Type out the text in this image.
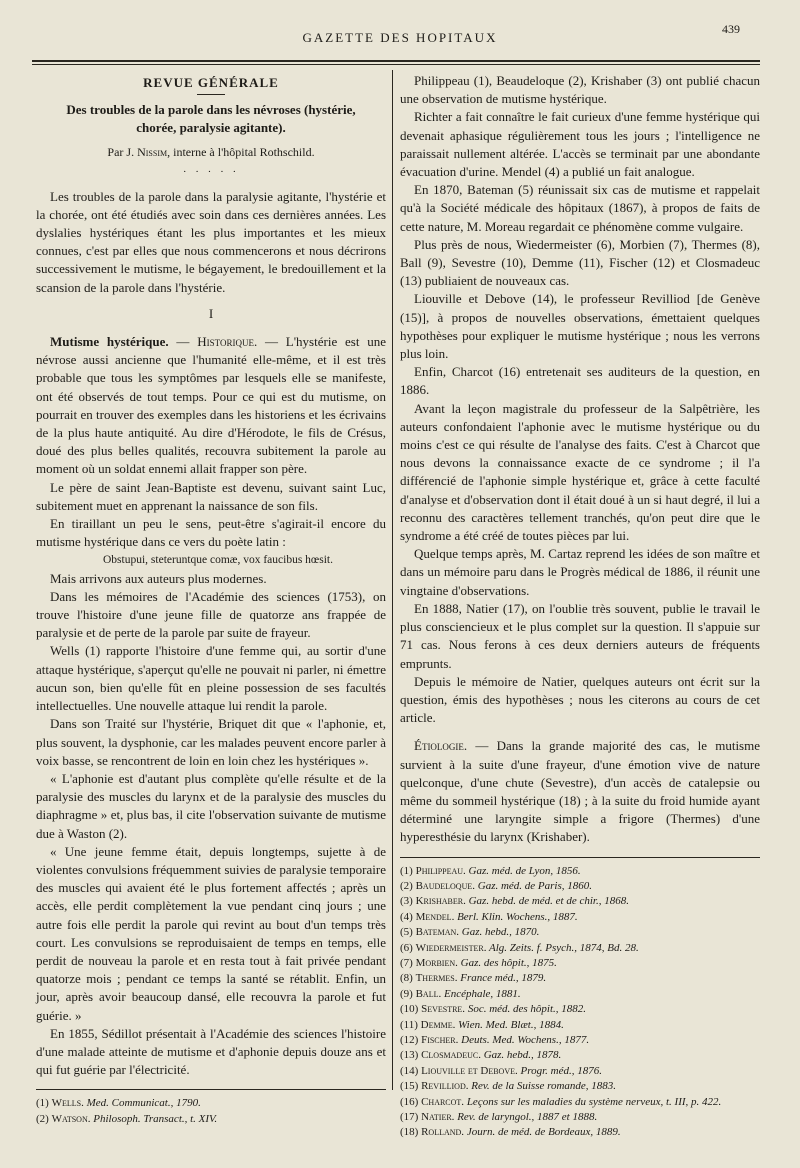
439
GAZETTE DES HOPITAUX
REVUE GÉNÉRALE
Des troubles de la parole dans les névroses (hystérie, chorée, paralysie agitante).
Par J. Nissim, interne à l'hôpital Rothschild.
· · · · ·

Les troubles de la parole dans la paralysie agitante, l'hystérie et la chorée, ont été étudiés avec soin dans ces dernières années. Les dyslalies hystériques étant les plus importantes et les mieux connues, c'est par elles que nous commencerons et nous décrirons successivement le mutisme, le bégayement, le bredouillement et la scansion de la parole dans l'hystérie.

I

Mutisme hystérique. — Historique. — L'hystérie est une névrose aussi ancienne que l'humanité elle-même, et il est très probable que tous les symptômes par lesquels elle se manifeste, ont été observés de tout temps. Pour ce qui est du mutisme, on pourrait en trouver des exemples dans les historiens et les écrivains de la plus haute antiquité. Au dire d'Hérodote, le fils de Crésus, doué des plus belles qualités, recouvra subitement la parole au moment où un soldat ennemi allait frapper son père.

Le père de saint Jean-Baptiste est devenu, suivant saint Luc, subitement muet en apprenant la naissance de son fils.

En tiraillant un peu le sens, peut-être s'agirait-il encore du mutisme hystérique dans ce vers du poète latin :

Obstupui, steteruntque comæ, vox faucibus hœsit.

Mais arrivons aux auteurs plus modernes.

Dans les mémoires de l'Académie des sciences (1753), on trouve l'histoire d'une jeune fille de quatorze ans frappée de paralysie et de perte de la parole par suite de frayeur.

Wells (1) rapporte l'histoire d'une femme qui, au sortir d'une attaque hystérique, s'aperçut qu'elle ne pouvait ni parler, ni émettre aucun son, bien qu'elle fût en pleine possession de ses facultés intellectuelles. Une nouvelle attaque lui rendit la parole.

Dans son Traité sur l'hystérie, Briquet dit que « l'aphonie, et, plus souvent, la dysphonie, car les malades peuvent encore parler à voix basse, se rencontrent de loin en loin chez les hystériques ».

« L'aphonie est d'autant plus complète qu'elle résulte et de la paralysie des muscles du larynx et de la paralysie des muscles du diaphragme » et, plus bas, il cite l'observation suivante de mutisme due à Waston (2).

« Une jeune femme était, depuis longtemps, sujette à de violentes convulsions fréquemment suivies de paralysie temporaire des muscles qui avaient été le plus fortement affectés ; après un accès, elle perdit complètement la vue pendant cinq jours ; une autre fois elle perdit la parole qui revint au bout d'un temps très court. Les convulsions se reproduisaient de temps en temps, elle perdit de nouveau la parole et en resta tout à fait privée pendant quatorze mois ; pendant ce temps la santé se rétablit. Enfin, un jour, après avoir beaucoup dansé, elle recouvra la parole et fut guérie. »

En 1855, Sédillot présentait à l'Académie des sciences l'histoire d'une malade atteinte de mutisme et d'aphonie depuis douze ans et qui fut guérie par l'électricité.

(1) Wells. Med. Communicat., 1790.
(2) Watson. Philosoph. Transact., t. XIV.

Philippeau (1), Beaudeloque (2), Krishaber (3) ont publié chacun une observation de mutisme hystérique.

Richter a fait connaître le fait curieux d'une femme hystérique qui devenait aphasique régulièrement tous les jours ; l'intelligence ne paraissait nullement altérée. L'accès se terminait par une abondante évacuation d'urine. Mendel (4) a publié un fait analogue.

En 1870, Bateman (5) réunissait six cas de mutisme et rappelait qu'à la Société médicale des hôpitaux (1867), à propos de faits de cette nature, M. Moreau regardait ce phénomène comme vulgaire.

Plus près de nous, Wiedermeister (6), Morbien (7), Thermes (8), Ball (9), Sevestre (10), Demme (11), Fischer (12) et Closmadeuc (13) publiaient de nouveaux cas.

Liouville et Debove (14), le professeur Revilliod [de Genève (15)], à propos de nouvelles observations, émettaient quelques hypothèses pour expliquer le mutisme hystérique ; nous les verrons plus loin.

Enfin, Charcot (16) entretenait ses auditeurs de la question, en 1886.

Avant la leçon magistrale du professeur de la Salpêtrière, les auteurs confondaient l'aphonie avec le mutisme hystérique ou du moins c'est ce qui résulte de l'analyse des faits. C'est à Charcot que nous devons la connaissance exacte de ce syndrome ; il l'a différencié de l'aphonie simple hystérique et, grâce à cette faculté d'analyse et d'observation dont il était doué à un si haut degré, il lui a reconnu des caractères tellement tranchés, qu'on peut dire que le syndrome a été créé de toutes pièces par lui.

Quelque temps après, M. Cartaz reprend les idées de son maître et dans un mémoire paru dans le Progrès médical de 1886, il réunit une vingtaine d'observations.

En 1888, Natier (17), on l'oublie très souvent, publie le travail le plus consciencieux et le plus complet sur la question. Il s'appuie sur 71 cas. Nous ferons à ces deux derniers auteurs de fréquents emprunts.

Depuis le mémoire de Natier, quelques auteurs ont écrit sur la question, émis des hypothèses ; nous les citerons au cours de cet article.

Étiologie. — Dans la grande majorité des cas, le mutisme survient à la suite d'une frayeur, d'une émotion vive de nature quelconque, d'une chute (Sevestre), d'un accès de catalepsie ou même du sommeil hystérique (18) ; à la suite du froid humide ayant déterminé une laryngite simple a frigore (Thermes) d'une hyperesthésie du larynx (Krishaber).

(1) Philippeau. Gaz. méd. de Lyon, 1856.
(2) Baudeloque. Gaz. méd. de Paris, 1860.
(3) Krishaber. Gaz. hebd. de méd. et de chir., 1868.
(4) Mendel. Berl. Klin. Wochens., 1887.
(5) Bateman. Gaz. hebd., 1870.
(6) Wiedermeister. Alg. Zeits. f. Psych., 1874, Bd. 28.
(7) Morbien. Gaz. des hôpit., 1875.
(8) Thermes. France méd., 1879.
(9) Ball. Encéphale, 1881.
(10) Sevestre. Soc. méd. des hôpit., 1882.
(11) Demme. Wien. Med. Blæt., 1884.
(12) Fischer. Deuts. Med. Wochens., 1877.
(13) Closmadeuc. Gaz. hebd., 1878.
(14) Liouville et Debove. Progr. méd., 1876.
(15) Revilliod. Rev. de la Suisse romande, 1883.
(16) Charcot. Leçons sur les maladies du système nerveux, t. III, p. 422.
(17) Natier. Rev. de laryngol., 1887 et 1888.
(18) Rolland. Journ. de méd. de Bordeaux, 1889.
